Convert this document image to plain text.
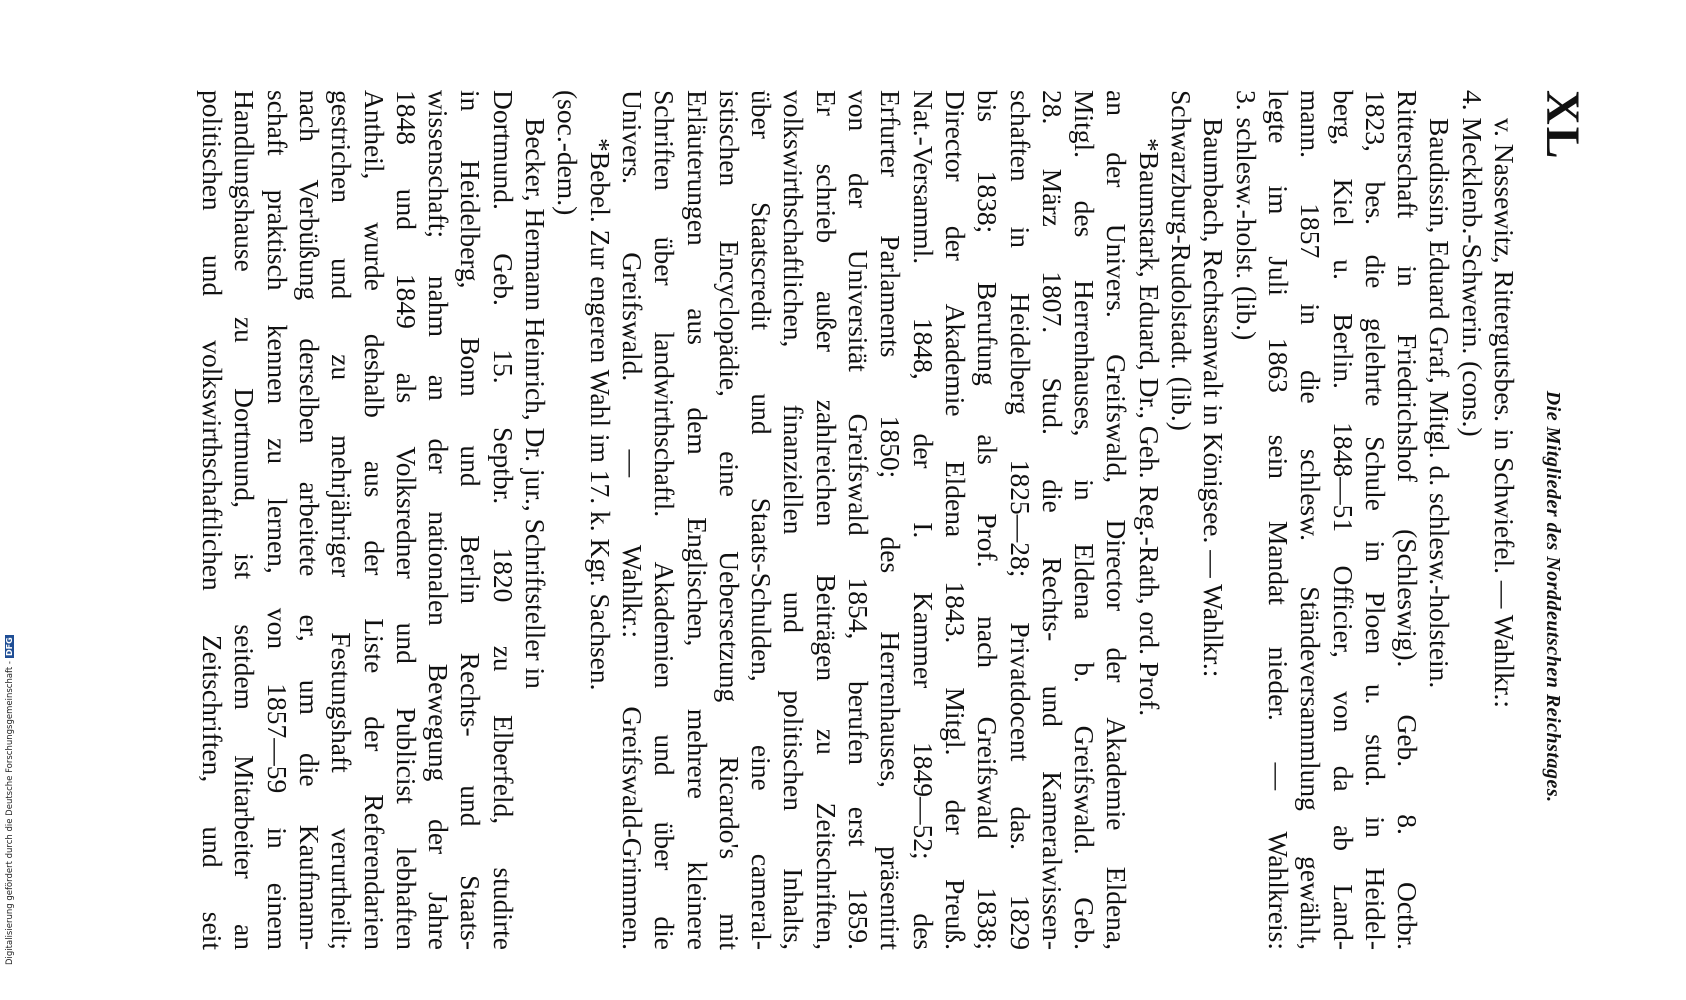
Digitalisierung gefördert durch die Deutsche Forschungsgemeinschaft -DFG
XL
Die Mitglieder des Norddeutschen Reichstages.
v. Nassewitz, Rittergutsbes. in Schwiefel. — Wahlkr.:
4. Mecklenb.-Schwerin. (cons.)
Baudissin, Eduard Graf, Mitgl. d. schlesw.-holstein.
Ritterschaft in Friedrichshof (Schleswig). Geb. 8. Octbr.
1823, bes. die gelehrte Schule in Ploen u. stud. in Heidel-
berg, Kiel u. Berlin. 1848—51 Officier, von da ab Land-
mann. 1857 in die schlesw. Ständeversammlung gewählt,
legte im Juli 1863 sein Mandat nieder. — Wahlkreis:
3. schlesw.-holst. (lib.)
Baumbach, Rechtsanwalt in Königsee. — Wahlkr.:
Schwarzburg-Rudolstadt. (lib.)
*Baumstark, Eduard, Dr., Geh. Reg.-Rath, ord. Prof.
an der Univers. Greifswald, Director der Akademie Eldena,
Mitgl. des Herrenhauses, in Eldena b. Greifswald. Geb.
28. März 1807. Stud. die Rechts- und Kameralwissen-
schaften in Heidelberg 1825—28; Privatdocent das. 1829
bis 1838; Berufung als Prof. nach Greifswald 1838;
Director der Akademie Eldena 1843. Mitgl. der Preuß.
Nat.-Versamml. 1848, der I. Kammer 1849—52; des
Erfurter Parlaments 1850; des Herrenhauses, präsentirt
von der Universität Greifswald 1854, berufen erst 1859.
Er schrieb außer zahlreichen Beiträgen zu Zeitschriften,
volkswirthschaftlichen, finanziellen und politischen Inhalts,
über Staatscredit und Staats-Schulden, eine cameral-
istischen Encyclopädie, eine Uebersetzung Ricardo's mit
Erläuterungen aus dem Englischen, mehrere kleinere
Schriften über landwirthschaftl. Akademien und über die
Univers. Greifswald. — Wahlkr.: Greifswald-Grimmen.
*Bebel. Zur engeren Wahl im 17. k. Kgr. Sachsen.
(soc.-dem.)
Becker, Hermann Heinrich, Dr. jur., Schriftsteller in
Dortmund. Geb. 15. Septbr. 1820 zu Elberfeld, studirte
in Heidelberg, Bonn und Berlin Rechts- und Staats-
wissenschaft; nahm an der nationalen Bewegung der Jahre
1848 und 1849 als Volksredner und Publicist lebhaften
Antheil, wurde deshalb aus der Liste der Referendarien
gestrichen und zu mehrjähriger Festungshaft verurtheilt;
nach Verbüßung derselben arbeitete er, um die Kaufmann-
schaft praktisch kennen zu lernen, von 1857—59 in einem
Handlungshause zu Dortmund, ist seitdem Mitarbeiter an
politischen und volkswirthschaftlichen Zeitschriften, und seit
